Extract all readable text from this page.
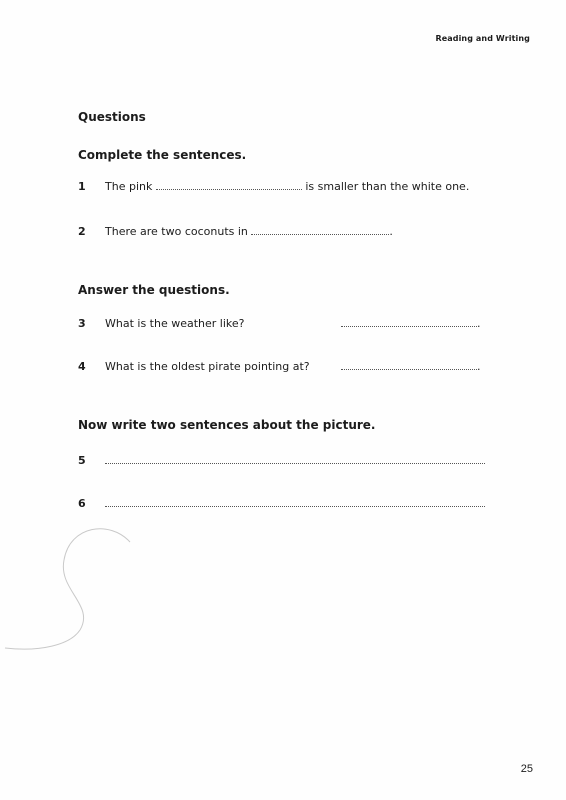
Reading and Writing
Questions
Complete the sentences.
1 The pink	is smaller than the white one.
2 There are two coconuts in	.
Answer the questions.
3 What is the weather like?	.
4 What is the oldest pirate pointing at?	.
Now write two sentences about the picture.
5
6
25
